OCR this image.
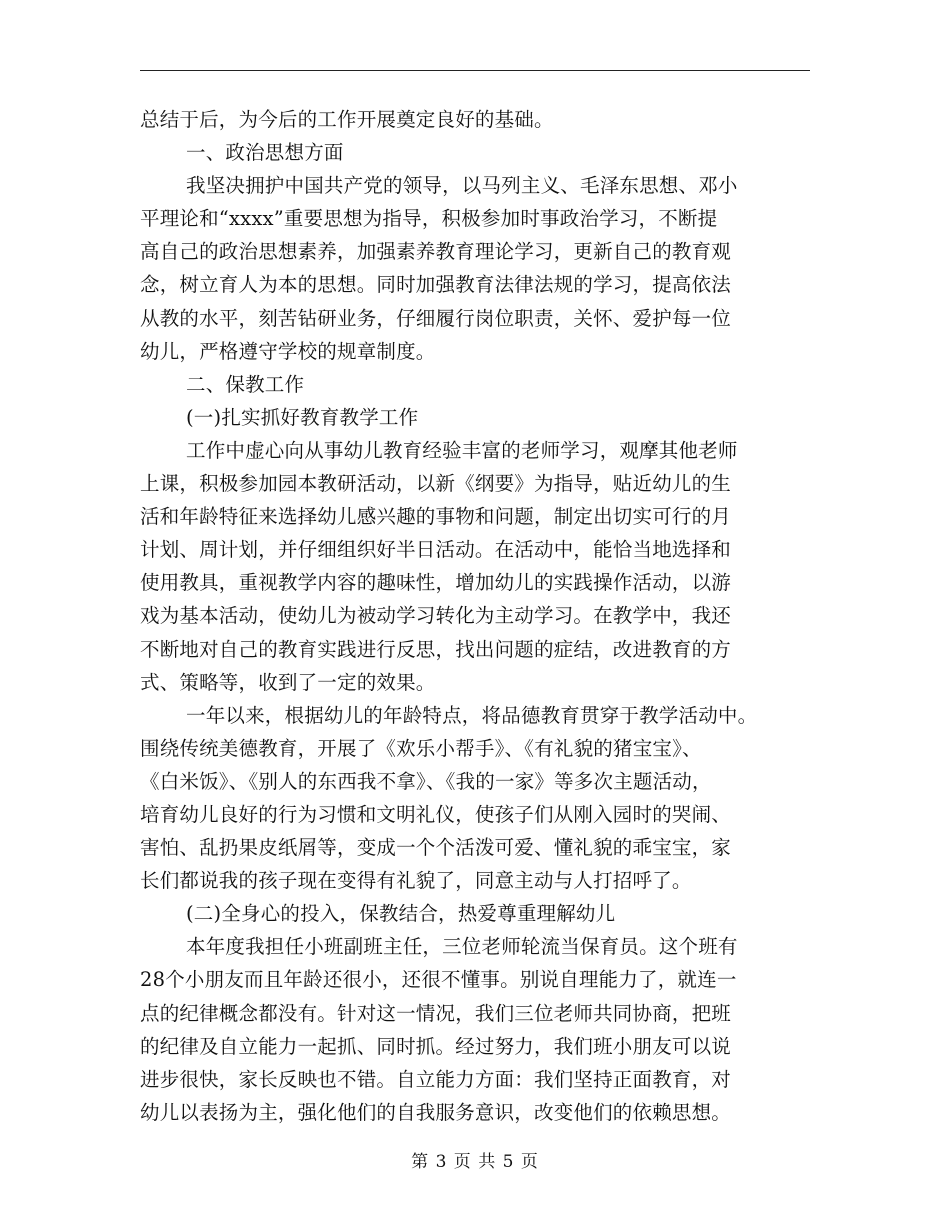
总结于后，为今后的工作开展奠定良好的基础。
一、政治思想方面
我坚决拥护中国共产党的领导，以马列主义、毛泽东思想、邓小
平理论和“xxxx”重要思想为指导，积极参加时事政治学习，不断提
高自己的政治思想素养，加强素养教育理论学习，更新自己的教育观
念，树立育人为本的思想。同时加强教育法律法规的学习，提高依法
从教的水平，刻苦钻研业务，仔细履行岗位职责，关怀、爱护每一位
幼儿，严格遵守学校的规章制度。
二、保教工作
(一)扎实抓好教育教学工作
工作中虚心向从事幼儿教育经验丰富的老师学习，观摩其他老师
上课，积极参加园本教研活动，以新《纲要》为指导，贴近幼儿的生
活和年龄特征来选择幼儿感兴趣的事物和问题，制定出切实可行的月
计划、周计划，并仔细组织好半日活动。在活动中，能恰当地选择和
使用教具，重视教学内容的趣味性，增加幼儿的实践操作活动，以游
戏为基本活动，使幼儿为被动学习转化为主动学习。在教学中，我还
不断地对自己的教育实践进行反思，找出问题的症结，改进教育的方
式、策略等，收到了一定的效果。
一年以来，根据幼儿的年龄特点，将品德教育贯穿于教学活动中。
围绕传统美德教育，开展了《欢乐小帮手》、《有礼貌的猪宝宝》、
《白米饭》、《别人的东西我不拿》、《我的一家》等多次主题活动，
培育幼儿良好的行为习惯和文明礼仪，使孩子们从刚入园时的哭闹、
害怕、乱扔果皮纸屑等，变成一个个活泼可爱、懂礼貌的乖宝宝，家
长们都说我的孩子现在变得有礼貌了，同意主动与人打招呼了。
(二)全身心的投入，保教结合，热爱尊重理解幼儿
本年度我担任小班副班主任，三位老师轮流当保育员。这个班有
28个小朋友而且年龄还很小，还很不懂事。别说自理能力了，就连一
点的纪律概念都没有。针对这一情况，我们三位老师共同协商，把班
的纪律及自立能力一起抓、同时抓。经过努力，我们班小朋友可以说
进步很快，家长反映也不错。自立能力方面：我们坚持正面教育，对
幼儿以表扬为主，强化他们的自我服务意识，改变他们的依赖思想。
第 3 页 共 5 页
